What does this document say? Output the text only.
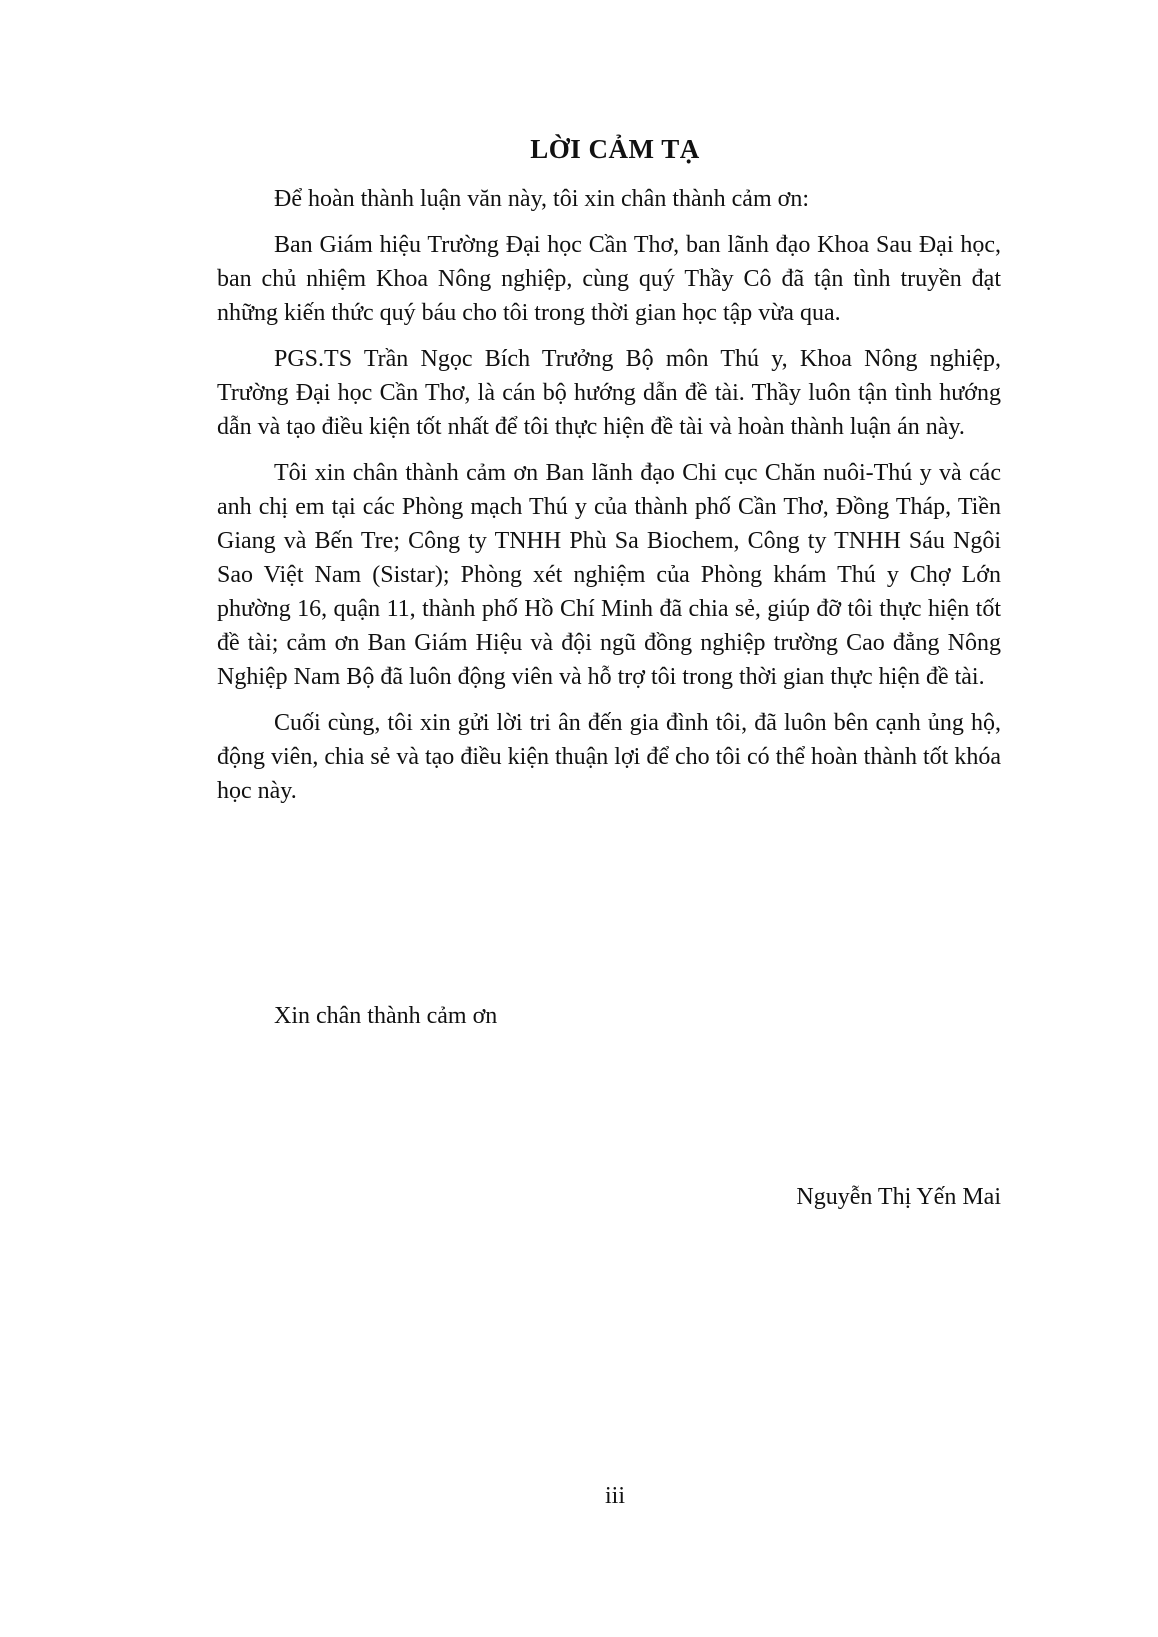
LỜI CẢM TẠ

Để hoàn thành luận văn này, tôi xin chân thành cảm ơn:

Ban Giám hiệu Trường Đại học Cần Thơ, ban lãnh đạo Khoa Sau Đại học, ban chủ nhiệm Khoa Nông nghiệp, cùng quý Thầy Cô đã tận tình truyền đạt những kiến thức quý báu cho tôi trong thời gian học tập vừa qua.

PGS.TS Trần Ngọc Bích Trưởng Bộ môn Thú y, Khoa Nông nghiệp, Trường Đại học Cần Thơ, là cán bộ hướng dẫn đề tài. Thầy luôn tận tình hướng dẫn và tạo điều kiện tốt nhất để tôi thực hiện đề tài và hoàn thành luận án này.

Tôi xin chân thành cảm ơn Ban lãnh đạo Chi cục Chăn nuôi-Thú y và các anh chị em tại các Phòng mạch Thú y của thành phố Cần Thơ, Đồng Tháp, Tiền Giang và Bến Tre; Công ty TNHH Phù Sa Biochem, Công ty TNHH Sáu Ngôi Sao Việt Nam (Sistar); Phòng xét nghiệm của Phòng khám Thú y Chợ Lớn phường 16, quận 11, thành phố Hồ Chí Minh đã chia sẻ, giúp đỡ tôi thực hiện tốt đề tài; cảm ơn Ban Giám Hiệu và đội ngũ đồng nghiệp trường Cao đẳng Nông Nghiệp Nam Bộ đã luôn động viên và hỗ trợ tôi trong thời gian thực hiện đề tài.

Cuối cùng, tôi xin gửi lời tri ân đến gia đình tôi, đã luôn bên cạnh ủng hộ, động viên, chia sẻ và tạo điều kiện thuận lợi để cho tôi có thể hoàn thành tốt khóa học này.

Xin chân thành cảm ơn

Nguyễn Thị Yến Mai

iii
